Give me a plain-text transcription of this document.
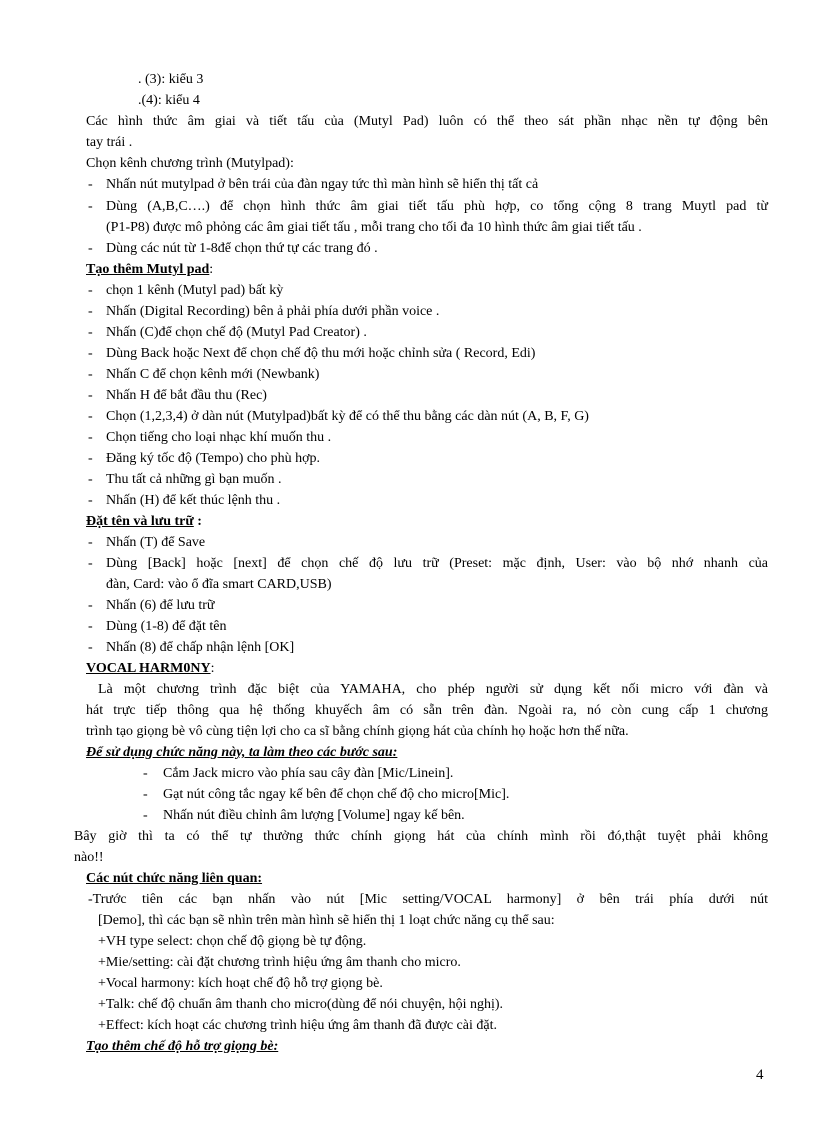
. (3): kiểu 3
.(4): kiểu 4
Các hình thức âm giai và tiết tấu của (Mutyl Pad) luôn có thể theo sát phần nhạc nền tự động bên
tay trái .
Chọn kênh chương trình (Mutylpad):
- Nhấn nút mutylpad ở bên trái của đàn ngay tức thì màn hình sẽ hiển thị tất cả
- Dùng (A,B,C….) để chọn hình thức âm giai tiết tấu phù hợp, co tổng cộng 8 trang Muytl pad từ
(P1-P8) được mô phỏng các âm giai tiết tấu , mỗi trang cho tối đa 10 hình thức âm giai tiết tấu .
- Dùng các nút từ 1-8để chọn thứ tự các trang đó .
Tạo thêm Mutyl pad:
- chọn 1 kênh (Mutyl pad) bất kỳ
- Nhấn (Digital Recording) bên ả phải phía dưới phần voice .
- Nhấn (C)để chọn chế độ (Mutyl Pad Creator) .
- Dùng Back hoặc Next để chọn chế độ thu mới hoặc chỉnh sửa ( Record, Edi)
- Nhấn C để chọn kênh mới (Newbank)
- Nhấn H để bắt đầu thu (Rec)
- Chọn (1,2,3,4) ở dàn nút (Mutylpad)bất kỳ để có thể thu bằng các dàn nút (A, B, F, G)
- Chọn tiếng cho loại nhạc khí muốn thu .
- Đăng ký tốc độ (Tempo) cho phù hợp.
- Thu tất cả những gì bạn muốn .
- Nhấn (H) để kết thúc lệnh thu .
Đặt tên và lưu trữ :
- Nhấn (T) để Save
- Dùng [Back] hoặc [next] để chọn chế độ lưu trữ (Preset: mặc định, User: vào bộ nhớ nhanh của
đàn, Card: vào ổ đĩa smart CARD,USB)
- Nhấn (6) để lưu trữ
- Dùng (1-8) để đặt tên
- Nhấn (8) để chấp nhận lệnh [OK]
VOCAL HARM0NY:
Là một chương trình đặc biệt của YAMAHA, cho phép người sử dụng kết nối micro với đàn và
hát trực tiếp thông qua hệ thống khuyếch âm có sẵn trên đàn. Ngoài ra, nó còn cung cấp 1 chương
trình tạo giọng bè vô cùng tiện lợi cho ca sĩ bằng chính giọng hát của chính họ hoặc hơn thế nữa.
Để sử dụng chức năng này, ta làm theo các bước sau:
- Cắm Jack micro vào phía sau cây đàn [Mic/Linein].
- Gạt nút công tắc ngay kế bên để chọn chế độ cho micro[Mic].
- Nhấn nút điều chỉnh âm lượng [Volume] ngay kế bên.
Bây giờ thì ta có thể tự thưởng thức chính giọng hát của chính mình rồi đó,thật tuyệt phải không
nào!!
Các nút chức năng liên quan:
-Trước tiên các bạn nhấn vào nút [Mic setting/VOCAL harmony] ở bên trái phía dưới nút
[Demo], thì các bạn sẽ nhìn trên màn hình sẽ hiển thị 1 loạt chức năng cụ thể sau:
+VH type select: chọn chế độ giọng bè tự động.
+Mie/setting: cài đặt chương trình hiệu ứng âm thanh cho micro.
+Vocal harmony: kích hoạt chế độ hỗ trợ giọng bè.
+Talk: chế độ chuẩn âm thanh cho micro(dùng để nói chuyện, hội nghị).
+Effect: kích hoạt các chương trình hiệu ứng âm thanh đã được cài đặt.
Tạo thêm chế độ hỗ trợ giọng bè:
4
